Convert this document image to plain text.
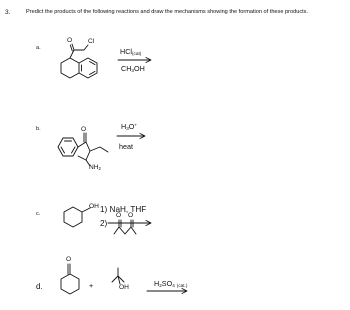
3.	Predict the products of the following reactions and draw the mechanisms showing the formation of these products.
a.
b.
c.
d.
O Cl
HCl(cat)
CH3OH
O
NH2
H3O+
heat
OH 1) NaH, THF
2)
O O
O
+	OH	H2SO4 (cat.)
